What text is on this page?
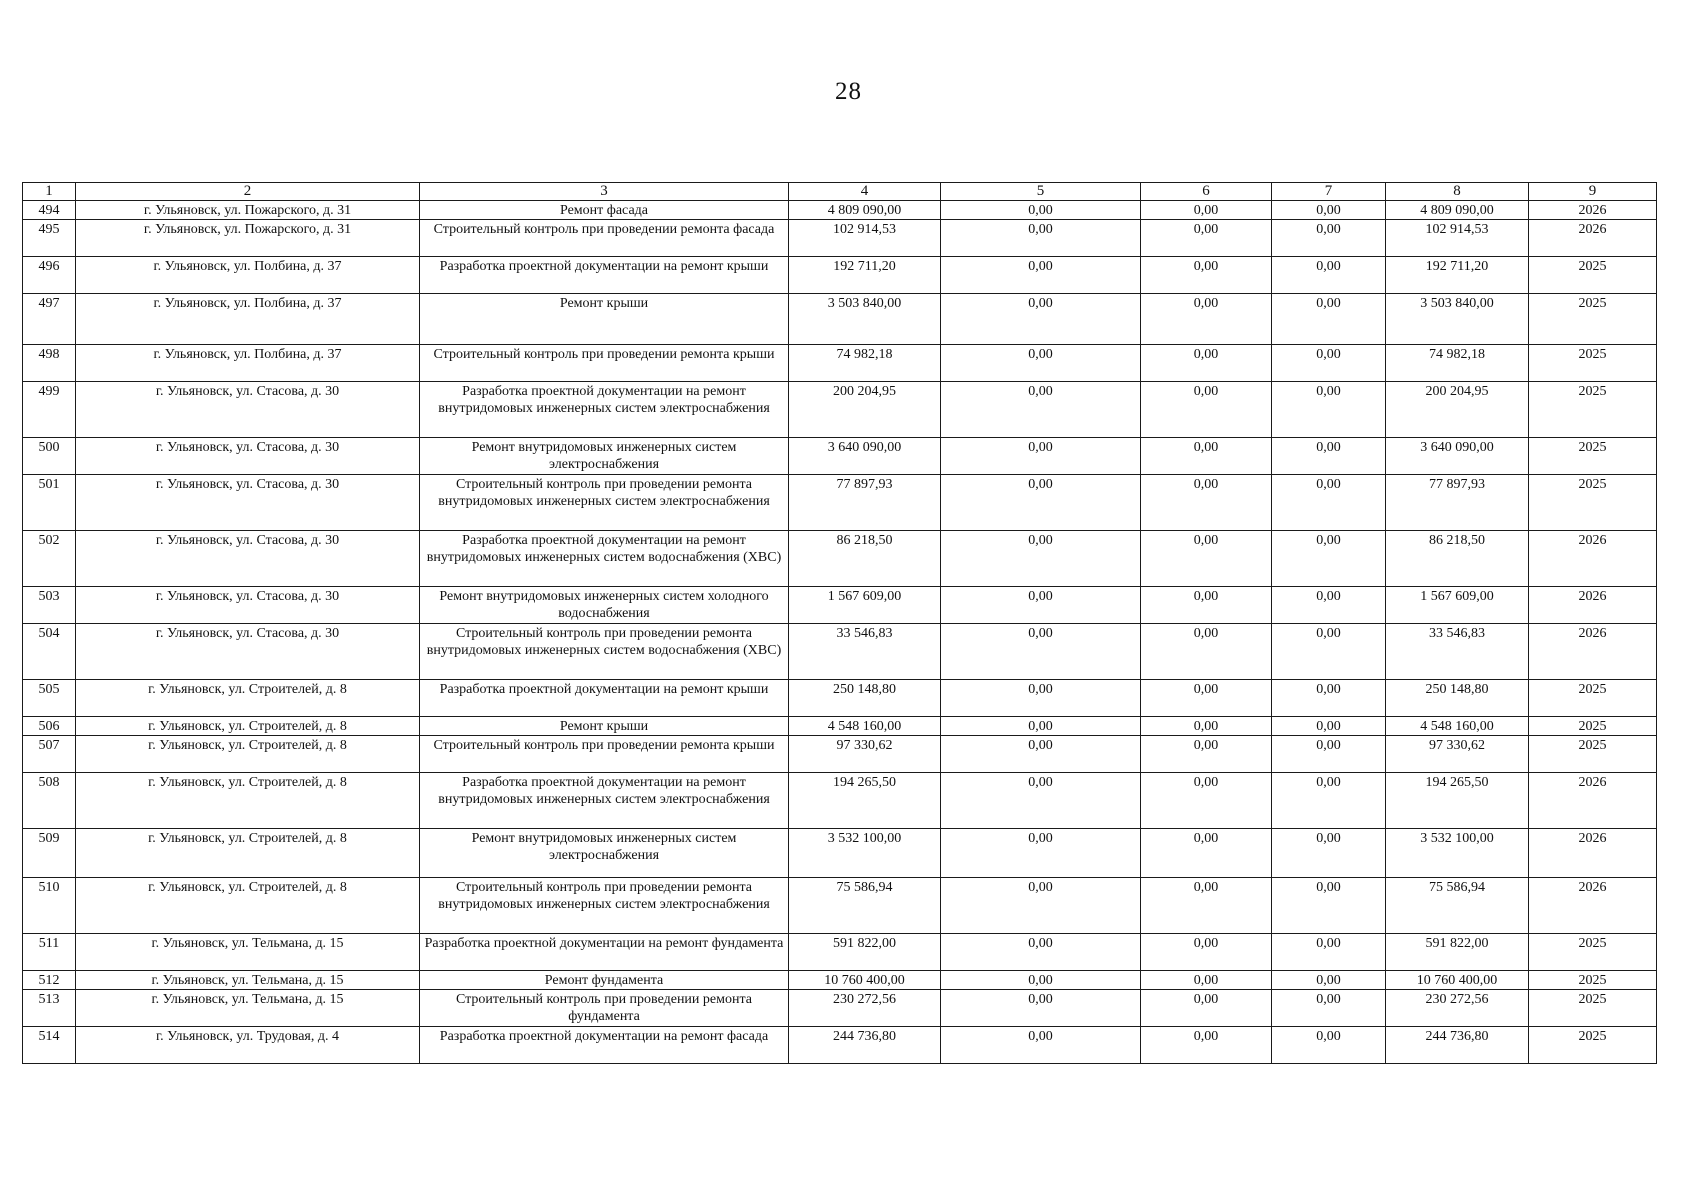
28
1	2	3	4	5	6	7	8	9
494	г. Ульяновск, ул. Пожарского, д. 31	Ремонт фасада	4 809 090,00	0,00	0,00	0,00	4 809 090,00	2026
495	г. Ульяновск, ул. Пожарского, д. 31	Строительный контроль при проведении ремонта фасада	102 914,53	0,00	0,00	0,00	102 914,53	2026
496	г. Ульяновск, ул. Полбина, д. 37	Разработка проектной документации на ремонт крыши	192 711,20	0,00	0,00	0,00	192 711,20	2025
497	г. Ульяновск, ул. Полбина, д. 37	Ремонт крыши	3 503 840,00	0,00	0,00	0,00	3 503 840,00	2025
498	г. Ульяновск, ул. Полбина, д. 37	Строительный контроль при проведении ремонта крыши	74 982,18	0,00	0,00	0,00	74 982,18	2025
499	г. Ульяновск, ул. Стасова, д. 30	Разработка проектной документации на ремонт внутридомовых инженерных систем электроснабжения	200 204,95	0,00	0,00	0,00	200 204,95	2025
500	г. Ульяновск, ул. Стасова, д. 30	Ремонт внутридомовых инженерных систем электроснабжения	3 640 090,00	0,00	0,00	0,00	3 640 090,00	2025
501	г. Ульяновск, ул. Стасова, д. 30	Строительный контроль при проведении ремонта внутридомовых инженерных систем электроснабжения	77 897,93	0,00	0,00	0,00	77 897,93	2025
502	г. Ульяновск, ул. Стасова, д. 30	Разработка проектной документации на ремонт внутридомовых инженерных систем водоснабжения (ХВС)	86 218,50	0,00	0,00	0,00	86 218,50	2026
503	г. Ульяновск, ул. Стасова, д. 30	Ремонт внутридомовых инженерных систем холодного водоснабжения	1 567 609,00	0,00	0,00	0,00	1 567 609,00	2026
504	г. Ульяновск, ул. Стасова, д. 30	Строительный контроль при проведении ремонта внутридомовых инженерных систем водоснабжения (ХВС)	33 546,83	0,00	0,00	0,00	33 546,83	2026
505	г. Ульяновск, ул. Строителей, д. 8	Разработка проектной документации на ремонт крыши	250 148,80	0,00	0,00	0,00	250 148,80	2025
506	г. Ульяновск, ул. Строителей, д. 8	Ремонт крыши	4 548 160,00	0,00	0,00	0,00	4 548 160,00	2025
507	г. Ульяновск, ул. Строителей, д. 8	Строительный контроль при проведении ремонта крыши	97 330,62	0,00	0,00	0,00	97 330,62	2025
508	г. Ульяновск, ул. Строителей, д. 8	Разработка проектной документации на ремонт внутридомовых инженерных систем электроснабжения	194 265,50	0,00	0,00	0,00	194 265,50	2026
509	г. Ульяновск, ул. Строителей, д. 8	Ремонт внутридомовых инженерных систем электроснабжения	3 532 100,00	0,00	0,00	0,00	3 532 100,00	2026
510	г. Ульяновск, ул. Строителей, д. 8	Строительный контроль при проведении ремонта внутридомовых инженерных систем электроснабжения	75 586,94	0,00	0,00	0,00	75 586,94	2026
511	г. Ульяновск, ул. Тельмана, д. 15	Разработка проектной документации на ремонт фундамента	591 822,00	0,00	0,00	0,00	591 822,00	2025
512	г. Ульяновск, ул. Тельмана, д. 15	Ремонт фундамента	10 760 400,00	0,00	0,00	0,00	10 760 400,00	2025
513	г. Ульяновск, ул. Тельмана, д. 15	Строительный контроль при проведении ремонта фундамента	230 272,56	0,00	0,00	0,00	230 272,56	2025
514	г. Ульяновск, ул. Трудовая, д. 4	Разработка проектной документации на ремонт фасада	244 736,80	0,00	0,00	0,00	244 736,80	2025
